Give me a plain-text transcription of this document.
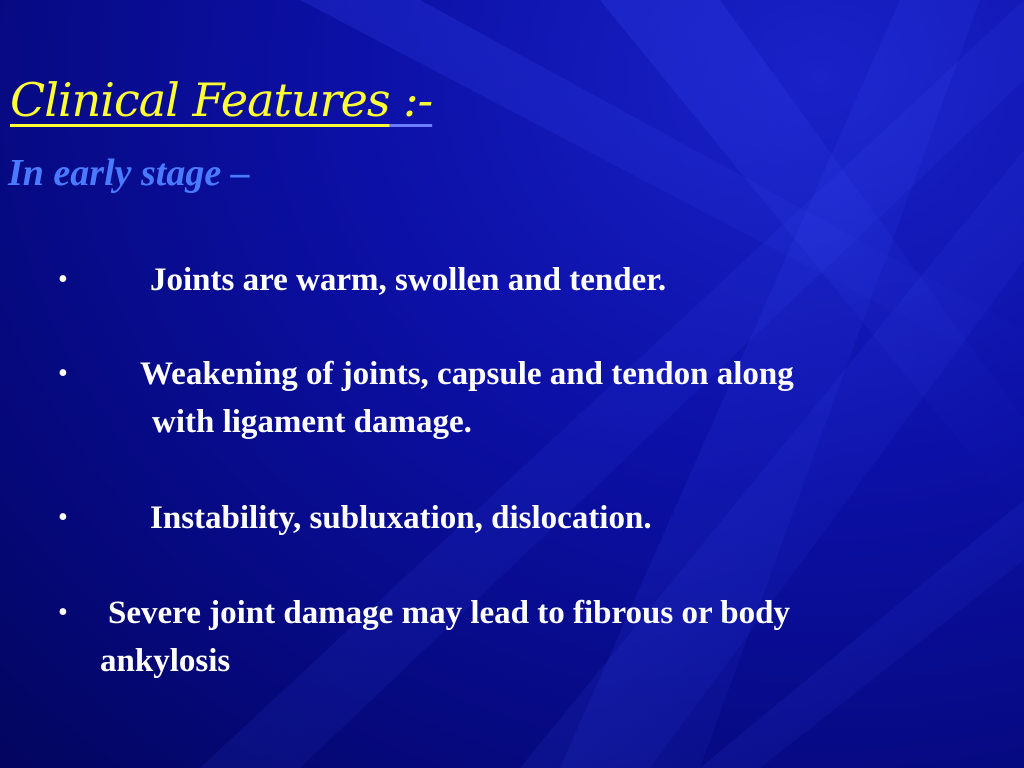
Clinical Features :-

In early stage –

• Joints are warm, swollen and tender.
• Weakening of joints, capsule and tendon along
with ligament damage.
• Instability, subluxation, dislocation.
• Severe joint damage may lead to fibrous or body
ankylosis
